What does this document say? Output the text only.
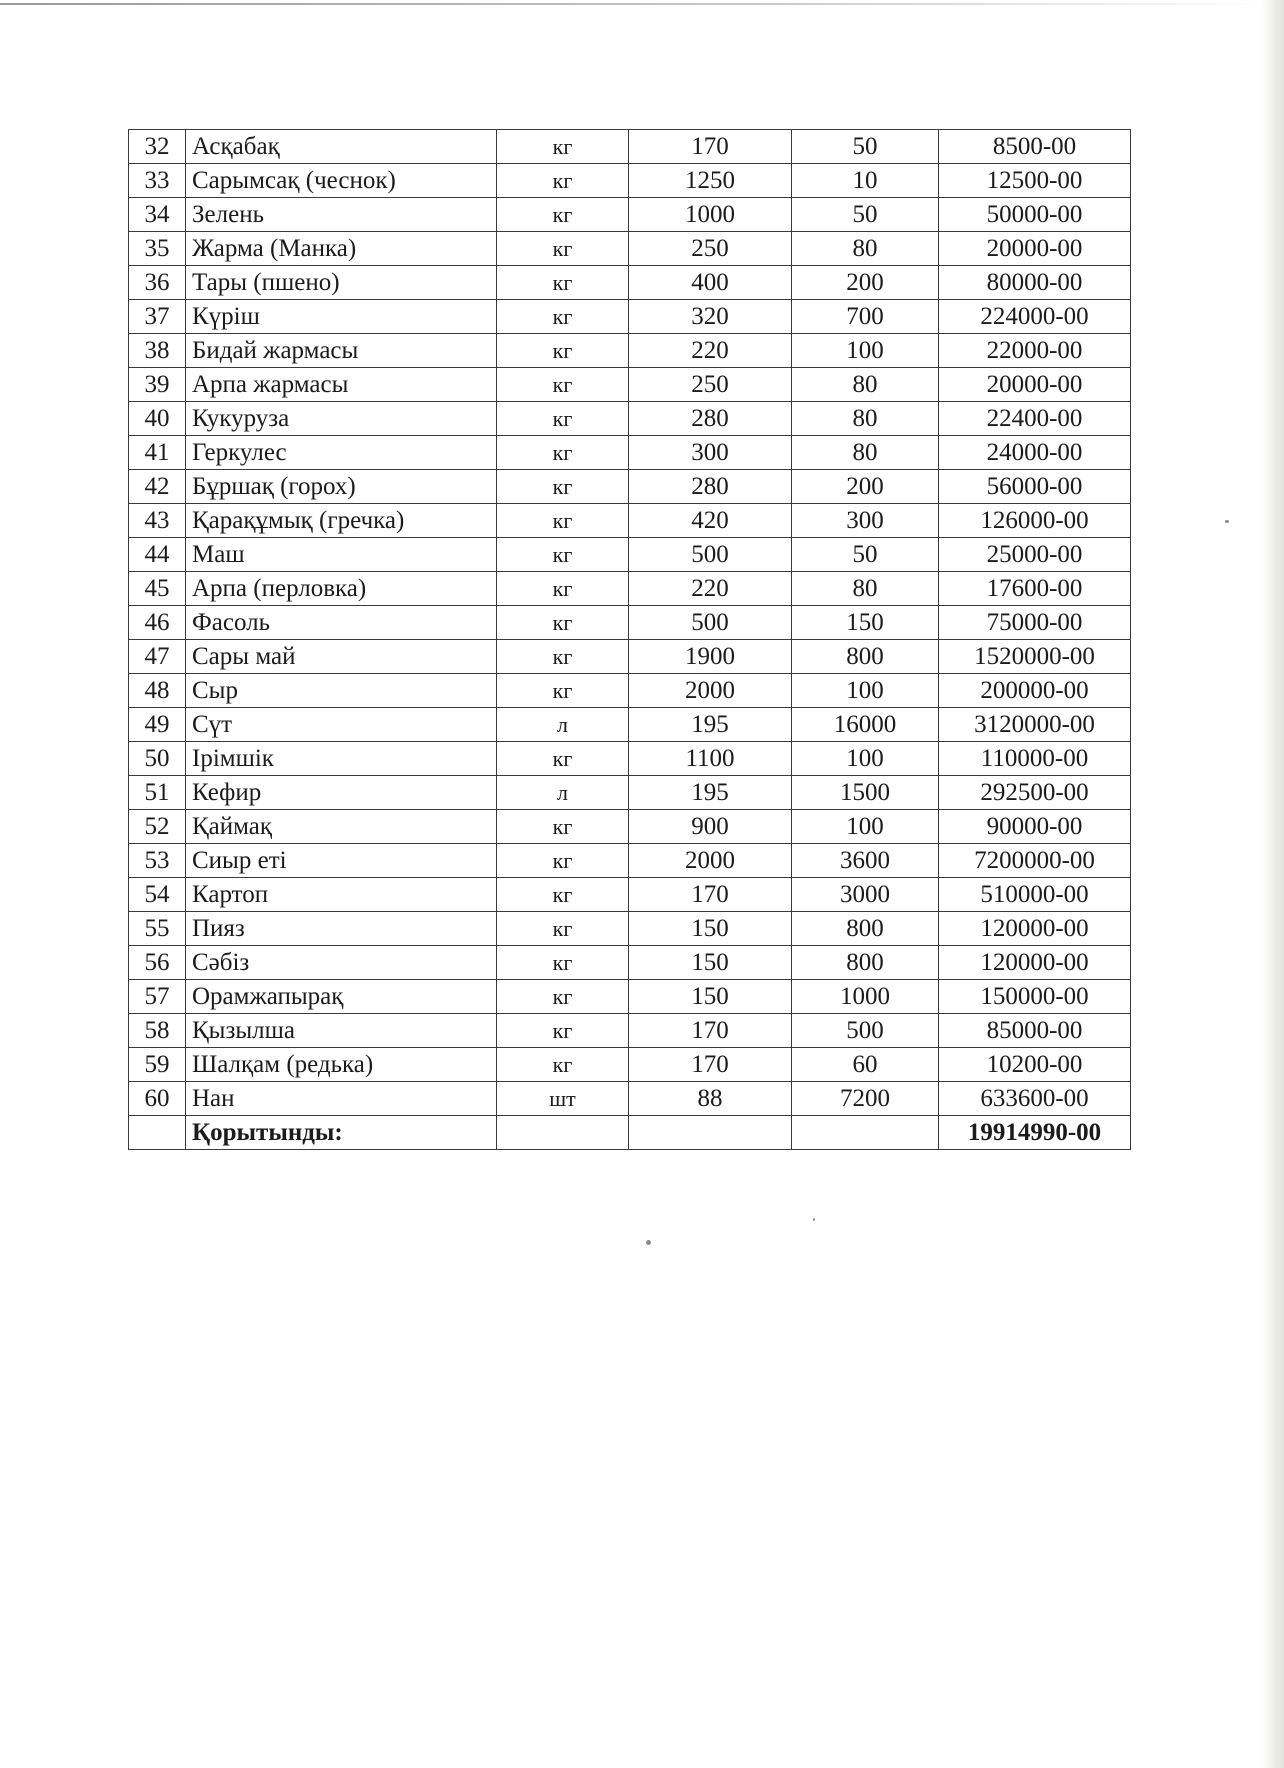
32	Асқабақ	кг	170	50	8500-00
33	Сарымсақ (чеснок)	кг	1250	10	12500-00
34	Зелень	кг	1000	50	50000-00
35	Жарма (Манка)	кг	250	80	20000-00
36	Тары (пшено)	кг	400	200	80000-00
37	Күріш	кг	320	700	224000-00
38	Бидай жармасы	кг	220	100	22000-00
39	Арпа жармасы	кг	250	80	20000-00
40	Кукуруза	кг	280	80	22400-00
41	Геркулес	кг	300	80	24000-00
42	Бұршақ (горох)	кг	280	200	56000-00
43	Қарақұмық (гречка)	кг	420	300	126000-00
44	Маш	кг	500	50	25000-00
45	Арпа (перловка)	кг	220	80	17600-00
46	Фасоль	кг	500	150	75000-00
47	Сары май	кг	1900	800	1520000-00
48	Сыр	кг	2000	100	200000-00
49	Сүт	л	195	16000	3120000-00
50	Ірімшік	кг	1100	100	110000-00
51	Кефир	л	195	1500	292500-00
52	Қаймақ	кг	900	100	90000-00
53	Сиыр еті	кг	2000	3600	7200000-00
54	Картоп	кг	170	3000	510000-00
55	Пияз	кг	150	800	120000-00
56	Сәбіз	кг	150	800	120000-00
57	Орамжапырақ	кг	150	1000	150000-00
58	Қызылша	кг	170	500	85000-00
59	Шалқам (редька)	кг	170	60	10200-00
60	Нан	шт	88	7200	633600-00
	Қорытынды:				19914990-00
